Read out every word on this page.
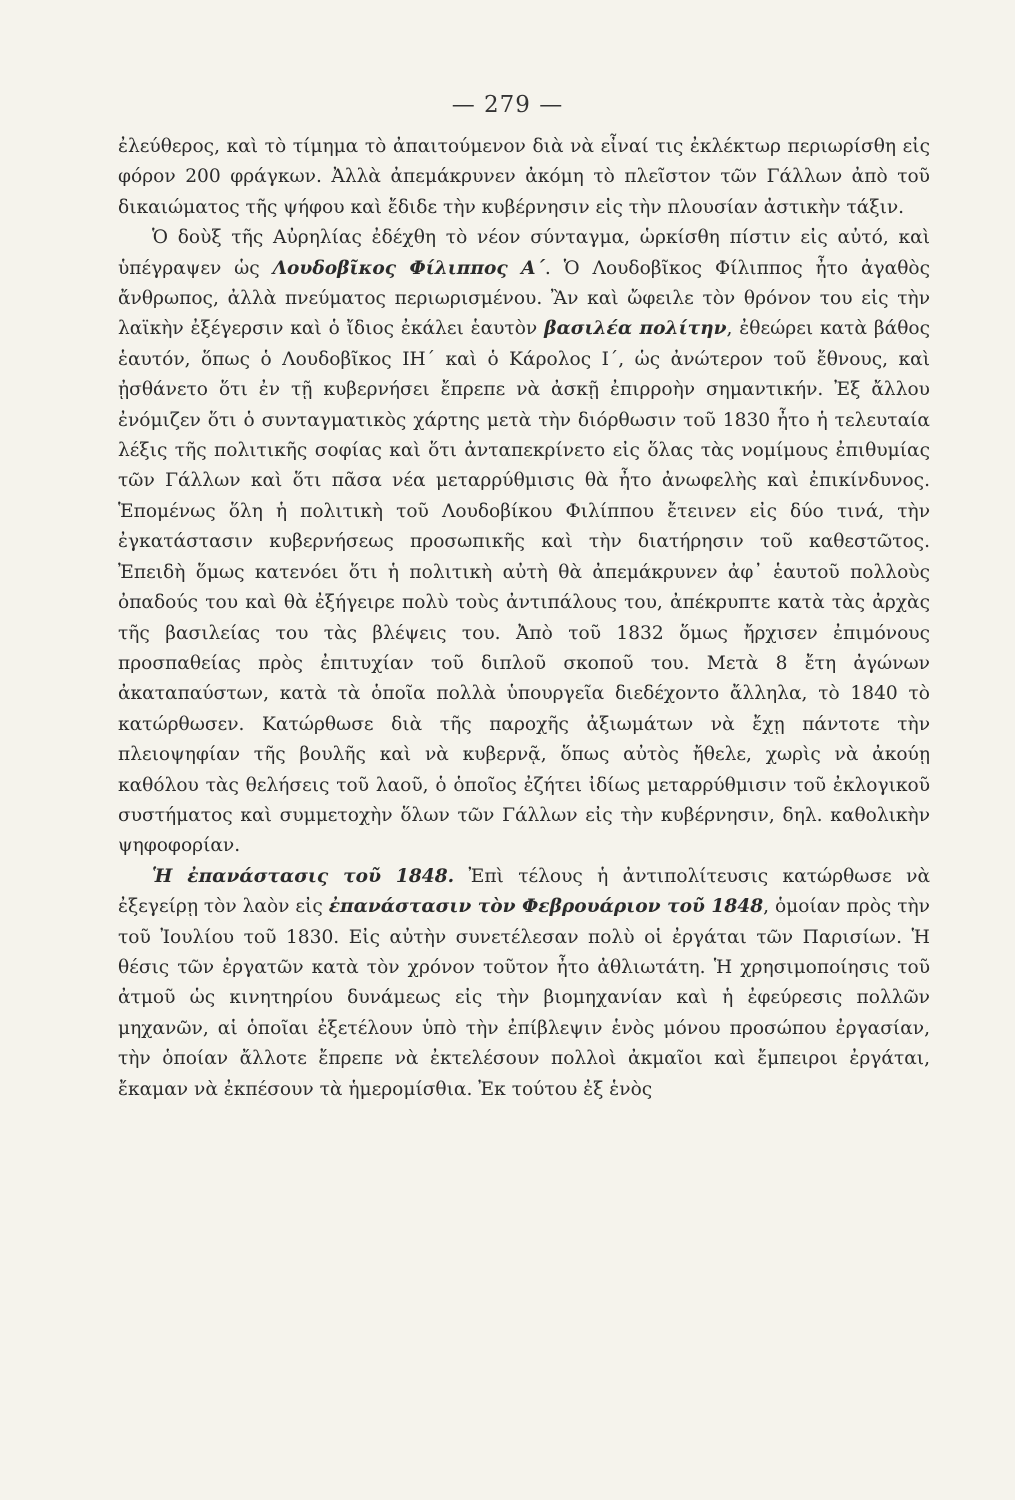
— 279 —

ἐλεύθερος, καὶ τὸ τίμημα τὸ ἀπαιτούμενον διὰ νὰ εἶναί τις ἐκλέκτωρ περιωρίσθη εἰς φόρον 200 φράγκων. Ἀλλὰ ἀπεμάκρυνεν ἀκόμη τὸ πλεῖστον τῶν Γάλλων ἀπὸ τοῦ δικαιώματος τῆς ψήφου καὶ ἔδιδε τὴν κυβέρνησιν εἰς τὴν πλουσίαν ἀστικὴν τάξιν.

Ὁ δοὺξ τῆς Αὐρηλίας ἐδέχθη τὸ νέον σύνταγμα, ὡρκίσθη πίστιν εἰς αὐτό, καὶ ὑπέγραψεν ὡς Λουδοβῖκος Φίλιππος Α΄. Ὁ Λουδοβῖκος Φίλιππος ἦτο ἀγαθὸς ἄνθρωπος, ἀλλὰ πνεύματος περιωρισμένου. Ἂν καὶ ὤφειλε τὸν θρόνον του εἰς τὴν λαϊκὴν ἐξέγερσιν καὶ ὁ ἴδιος ἐκάλει ἑαυτὸν βασιλέα πολίτην, ἐθεώρει κατὰ βάθος ἑαυτόν, ὅπως ὁ Λουδοβῖκος ΙΗ΄ καὶ ὁ Κάρολος Ι΄, ὡς ἀνώτερον τοῦ ἔθνους, καὶ ᾐσθάνετο ὅτι ἐν τῇ κυβερνήσει ἔπρεπε νὰ ἀσκῇ ἐπιρροὴν σημαντικήν. Ἐξ ἄλλου ἐνόμιζεν ὅτι ὁ συνταγματικὸς χάρτης μετὰ τὴν διόρθωσιν τοῦ 1830 ἦτο ἡ τελευταία λέξις τῆς πολιτικῆς σοφίας καὶ ὅτι ἀνταπεκρίνετο εἰς ὅλας τὰς νομίμους ἐπιθυμίας τῶν Γάλλων καὶ ὅτι πᾶσα νέα μεταρρύθμισις θὰ ἦτο ἀνωφελὴς καὶ ἐπικίνδυνος. Ἑπομένως ὅλη ἡ πολιτικὴ τοῦ Λουδοβίκου Φιλίππου ἔτεινεν εἰς δύο τινά, τὴν ἐγκατάστασιν κυβερνήσεως προσωπικῆς καὶ τὴν διατήρησιν τοῦ καθεστῶτος. Ἐπειδὴ ὅμως κατενόει ὅτι ἡ πολιτικὴ αὐτὴ θὰ ἀπεμάκρυνεν ἀφ᾿ ἑαυτοῦ πολλοὺς ὀπαδούς του καὶ θὰ ἐξήγειρε πολὺ τοὺς ἀντιπάλους του, ἀπέκρυπτε κατὰ τὰς ἀρχὰς τῆς βασιλείας του τὰς βλέψεις του. Ἀπὸ τοῦ 1832 ὅμως ἤρχισεν ἐπιμόνους προσπαθείας πρὸς ἐπιτυχίαν τοῦ διπλοῦ σκοποῦ του. Μετὰ 8 ἔτη ἀγώνων ἀκαταπαύστων, κατὰ τὰ ὁποῖα πολλὰ ὑπουργεῖα διεδέχοντο ἄλληλα, τὸ 1840 τὸ κατώρθωσεν. Κατώρθωσε διὰ τῆς παροχῆς ἀξιωμάτων νὰ ἔχῃ πάντοτε τὴν πλειοψηφίαν τῆς βουλῆς καὶ νὰ κυβερνᾷ, ὅπως αὐτὸς ἤθελε, χωρὶς νὰ ἀκούῃ καθόλου τὰς θελήσεις τοῦ λαοῦ, ὁ ὁποῖος ἐζήτει ἰδίως μεταρρύθμισιν τοῦ ἐκλογικοῦ συστήματος καὶ συμμετοχὴν ὅλων τῶν Γάλλων εἰς τὴν κυβέρνησιν, δηλ. καθολικὴν ψηφοφορίαν.

Ἡ ἐπανάστασις τοῦ 1848. Ἐπὶ τέλους ἡ ἀντιπολίτευσις κατώρθωσε νὰ ἐξεγείρῃ τὸν λαὸν εἰς ἐπανάστασιν τὸν Φεβρουάριον τοῦ 1848, ὁμοίαν πρὸς τὴν τοῦ Ἰουλίου τοῦ 1830. Εἰς αὐτὴν συνετέλεσαν πολὺ οἱ ἐργάται τῶν Παρισίων. Ἡ θέσις τῶν ἐργατῶν κατὰ τὸν χρόνον τοῦτον ἦτο ἀθλιωτάτη. Ἡ χρησιμοποίησις τοῦ ἀτμοῦ ὡς κινητηρίου δυνάμεως εἰς τὴν βιομηχανίαν καὶ ἡ ἐφεύρεσις πολλῶν μηχανῶν, αἱ ὁποῖαι ἐξετέλουν ὑπὸ τὴν ἐπίβλεψιν ἑνὸς μόνου προσώπου ἐργασίαν, τὴν ὁποίαν ἄλλοτε ἔπρεπε νὰ ἐκτελέσουν πολλοὶ ἀκμαῖοι καὶ ἔμπειροι ἐργάται, ἔκαμαν νὰ ἐκπέσουν τὰ ἡμερομίσθια. Ἐκ τούτου ἐξ ἑνὸς
